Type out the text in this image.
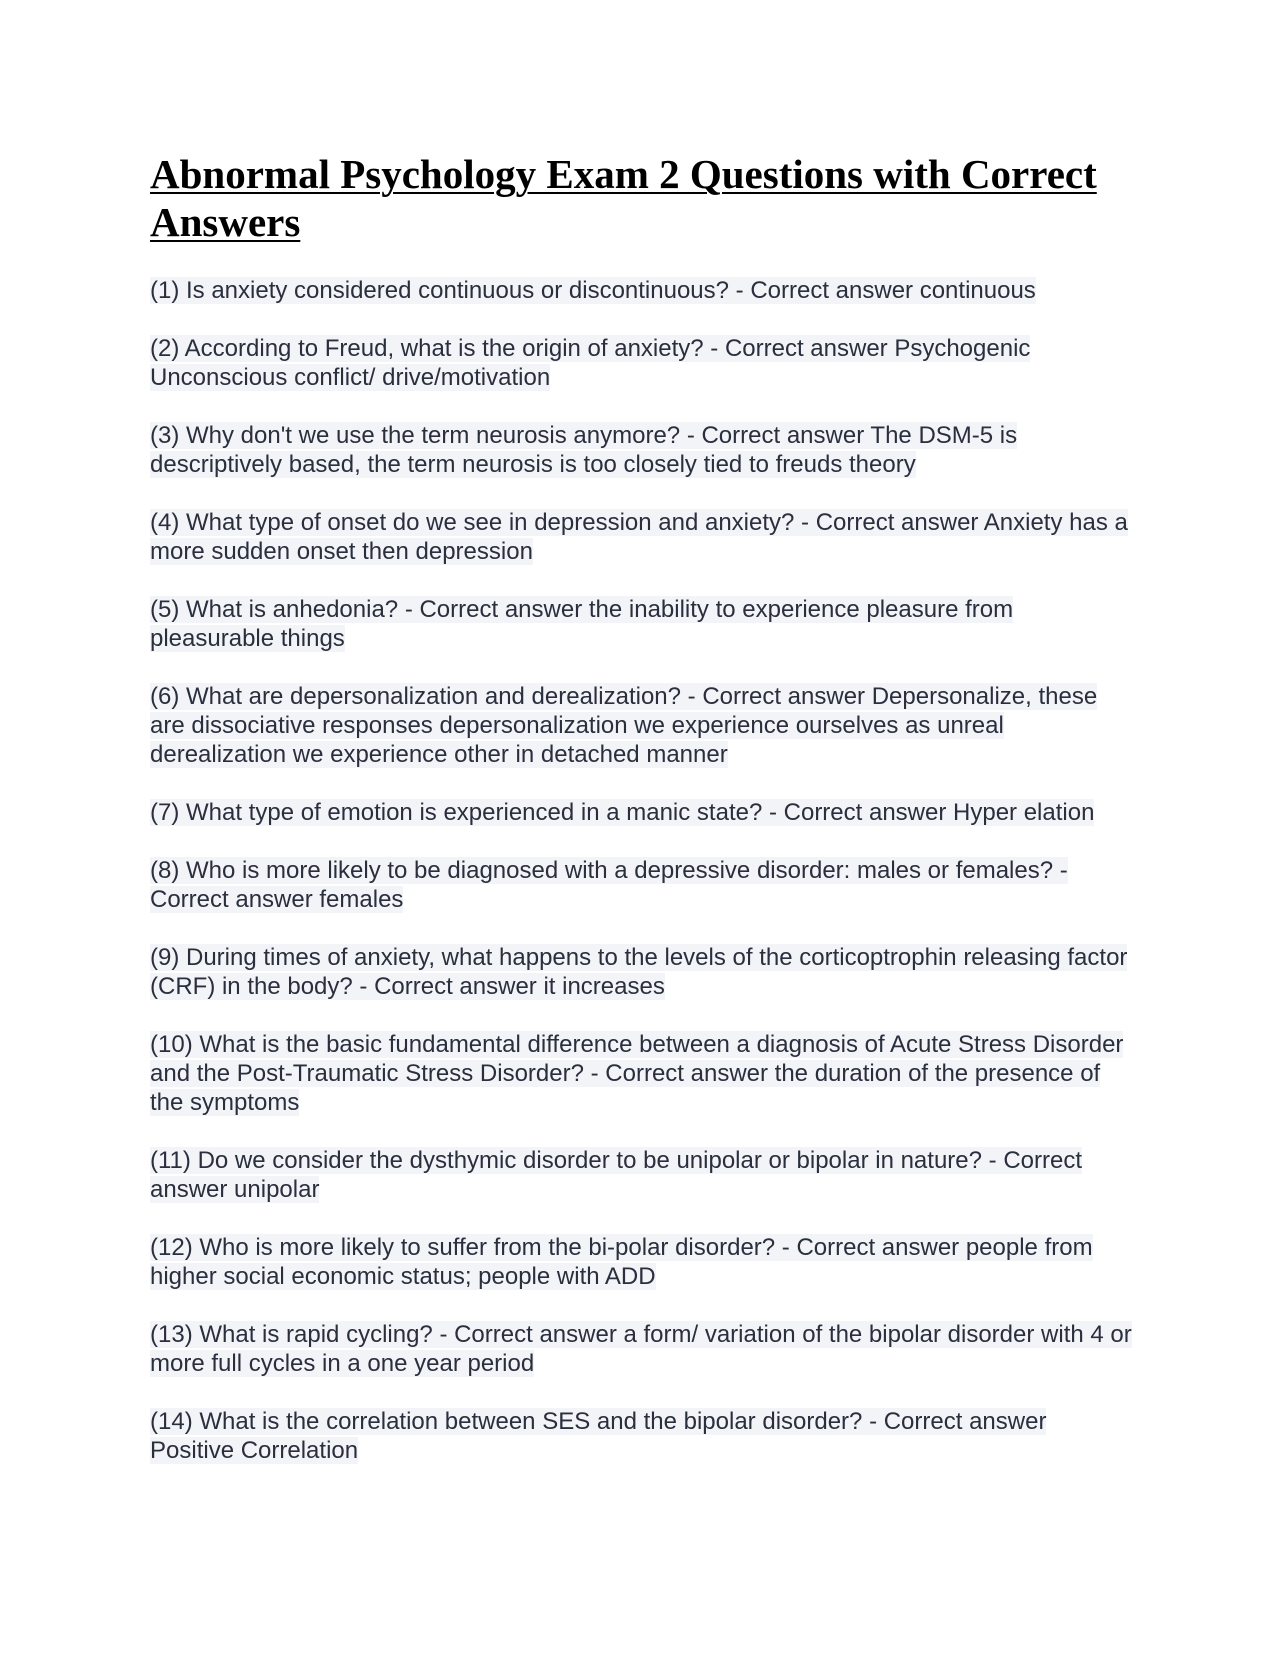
Abnormal Psychology Exam 2 Questions with Correct Answers

(1) Is anxiety considered continuous or discontinuous? - Correct answer continuous

(2) According to Freud, what is the origin of anxiety? - Correct answer Psychogenic Unconscious conflict/ drive/motivation

(3) Why don't we use the term neurosis anymore? - Correct answer The DSM-5 is descriptively based, the term neurosis is too closely tied to freuds theory

(4) What type of onset do we see in depression and anxiety? - Correct answer Anxiety has a more sudden onset then depression

(5) What is anhedonia? - Correct answer the inability to experience pleasure from pleasurable things

(6) What are depersonalization and derealization? - Correct answer Depersonalize, these are dissociative responses depersonalization we experience ourselves as unreal derealization we experience other in detached manner

(7) What type of emotion is experienced in a manic state? - Correct answer Hyper elation

(8) Who is more likely to be diagnosed with a depressive disorder: males or females? - Correct answer females

(9) During times of anxiety, what happens to the levels of the corticoptrophin releasing factor (CRF) in the body? - Correct answer it increases

(10) What is the basic fundamental difference between a diagnosis of Acute Stress Disorder and the Post-Traumatic Stress Disorder? - Correct answer the duration of the presence of the symptoms

(11) Do we consider the dysthymic disorder to be unipolar or bipolar in nature? - Correct answer unipolar

(12) Who is more likely to suffer from the bi-polar disorder? - Correct answer people from higher social economic status; people with ADD

(13) What is rapid cycling? - Correct answer a form/ variation of the bipolar disorder with 4 or more full cycles in a one year period

(14) What is the correlation between SES and the bipolar disorder? - Correct answer Positive Correlation
